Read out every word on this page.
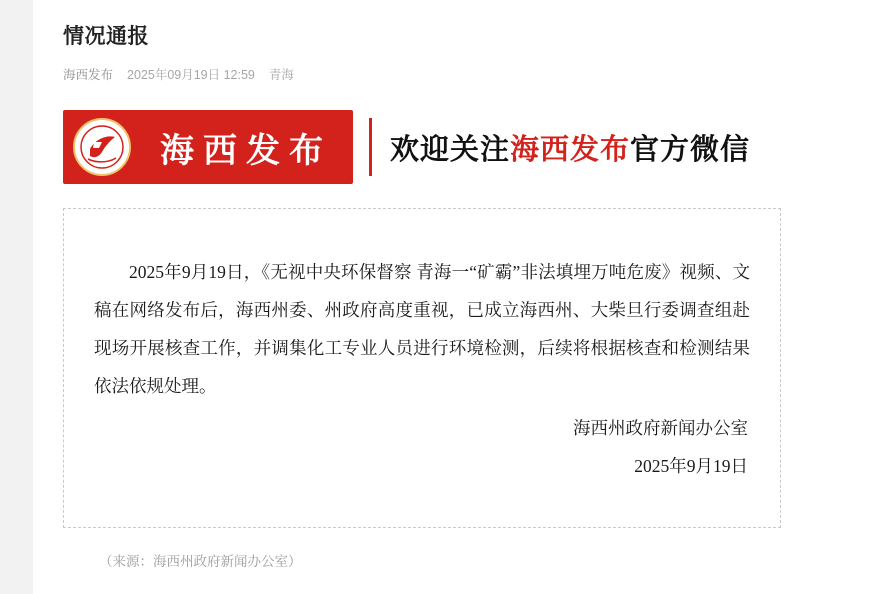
情况通报
海西发布 2025年09月19日 12:59 青海
海西发布	欢迎关注海西发布官方微信

2025年9月19日，《无视中央环保督察 青海一“矿霸”非法填埋万吨危废》视频、文稿在网络发布后，海西州委、州政府高度重视，已成立海西州、大柴旦行委调查组赴现场开展核查工作，并调集化工专业人员进行环境检测，后续将根据核查和检测结果依法依规处理。

海西州政府新闻办公室
2025年9月19日
（来源：海西州政府新闻办公室）
